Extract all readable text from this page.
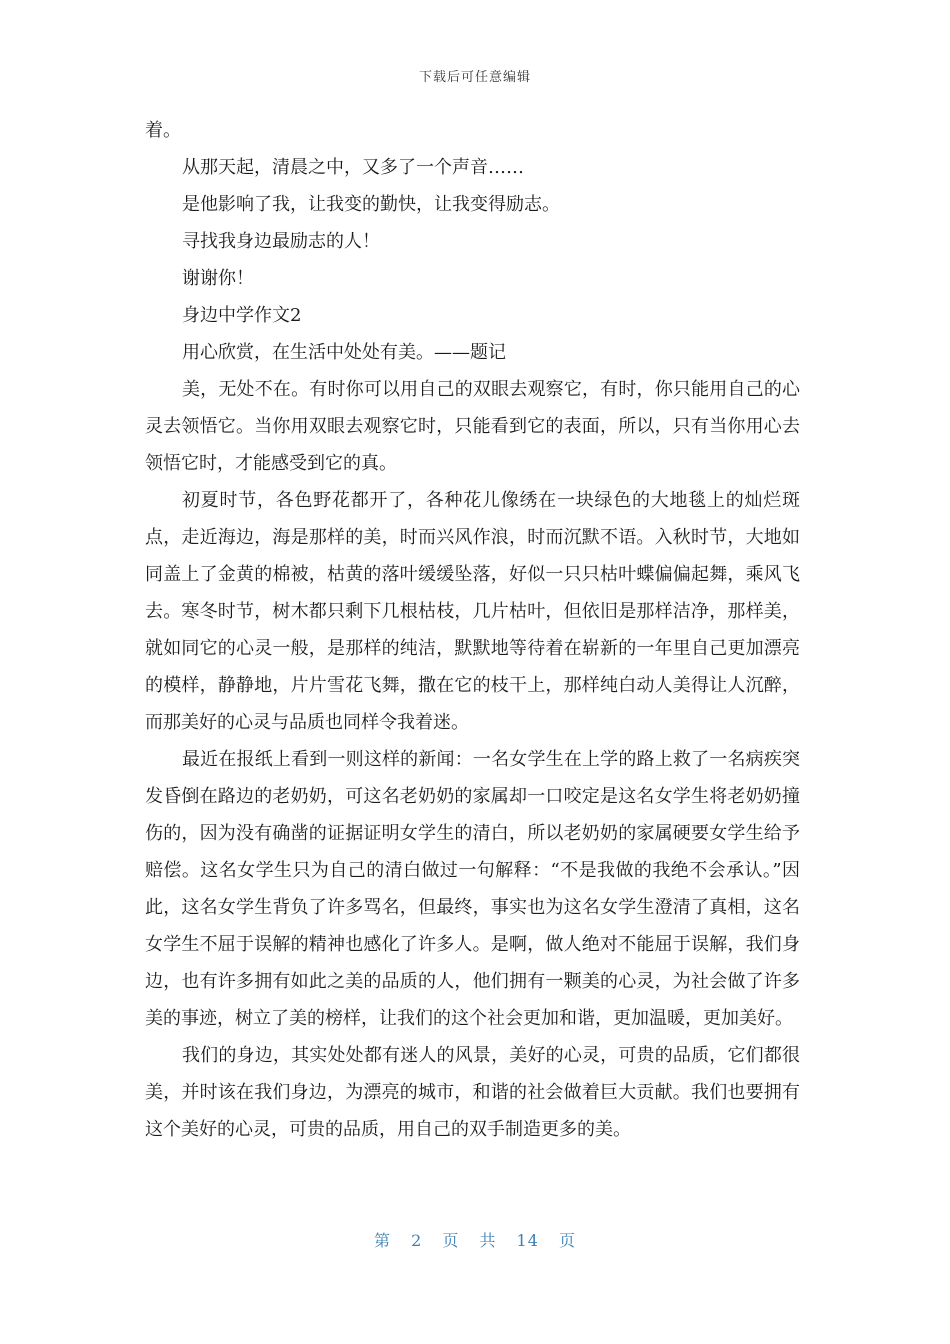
下载后可任意编辑

着。

从那天起，清晨之中，又多了一个声音……

是他影响了我，让我变的勤快，让我变得励志。

寻找我身边最励志的人！

谢谢你！

身边中学作文2

用心欣赏，在生活中处处有美。——题记

美，无处不在。有时你可以用自己的双眼去观察它，有时，你只能用自己的心灵去领悟它。当你用双眼去观察它时，只能看到它的表面，所以，只有当你用心去领悟它时，才能感受到它的真。

初夏时节，各色野花都开了，各种花儿像绣在一块绿色的大地毯上的灿烂斑点，走近海边，海是那样的美，时而兴风作浪，时而沉默不语。入秋时节，大地如同盖上了金黄的棉被，枯黄的落叶缓缓坠落，好似一只只枯叶蝶偏偏起舞，乘风飞去。寒冬时节，树木都只剩下几根枯枝，几片枯叶，但依旧是那样洁净，那样美，就如同它的心灵一般，是那样的纯洁，默默地等待着在崭新的一年里自己更加漂亮的模样，静静地，片片雪花飞舞，撒在它的枝干上，那样纯白动人美得让人沉醉，而那美好的心灵与品质也同样令我着迷。

最近在报纸上看到一则这样的新闻：一名女学生在上学的路上救了一名病疾突发昏倒在路边的老奶奶，可这名老奶奶的家属却一口咬定是这名女学生将老奶奶撞伤的，因为没有确凿的证据证明女学生的清白，所以老奶奶的家属硬要女学生给予赔偿。这名女学生只为自己的清白做过一句解释：“不是我做的我绝不会承认。”因此，这名女学生背负了许多骂名，但最终，事实也为这名女学生澄清了真相，这名女学生不屈于误解的精神也感化了许多人。是啊，做人绝对不能屈于误解，我们身边，也有许多拥有如此之美的品质的人，他们拥有一颗美的心灵，为社会做了许多美的事迹，树立了美的榜样，让我们的这个社会更加和谐，更加温暖，更加美好。

我们的身边，其实处处都有迷人的风景，美好的心灵，可贵的品质，它们都很美，并时该在我们身边，为漂亮的城市，和谐的社会做着巨大贡献。我们也要拥有这个美好的心灵，可贵的品质，用自己的双手制造更多的美。

第 2 页 共 14 页
